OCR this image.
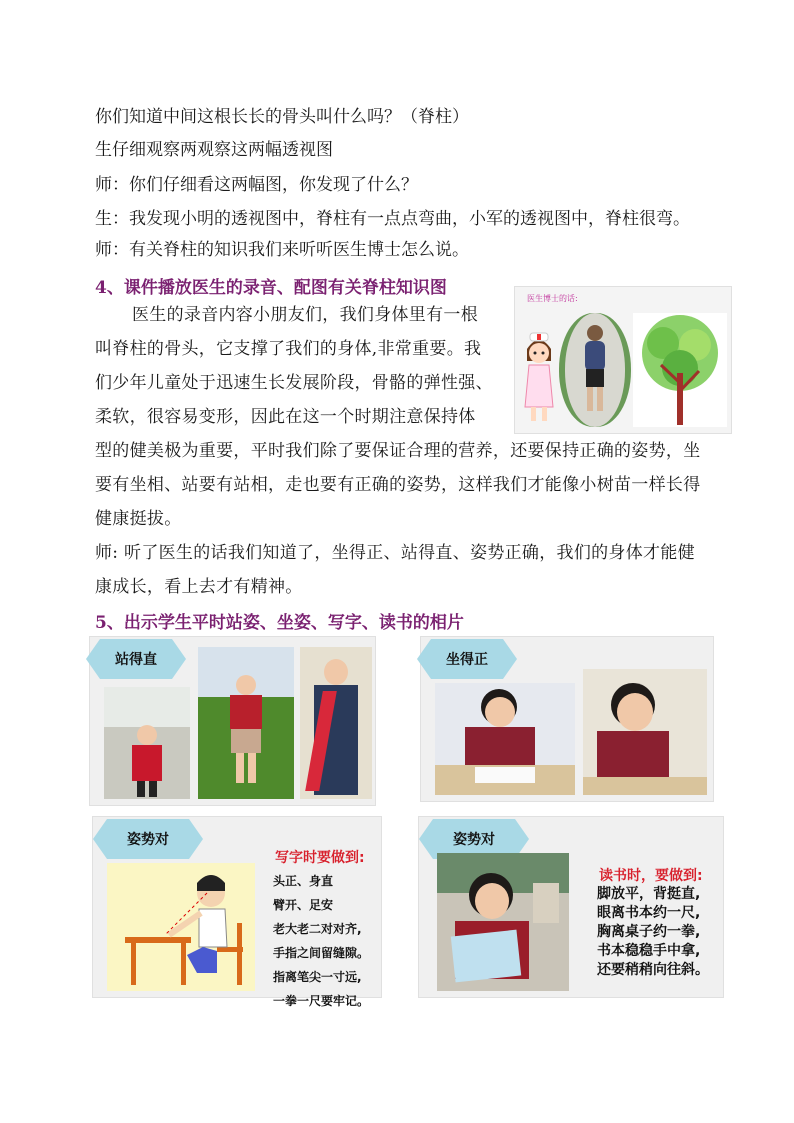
你们知道中间这根长长的骨头叫什么吗？（脊柱）
生仔细观察两观察这两幅透视图
师：你们仔细看这两幅图，你发现了什么？
生：我发现小明的透视图中，脊柱有一点点弯曲，小军的透视图中，脊柱很弯。
师：有关脊柱的知识我们来听听医生博士怎么说。
4、课件播放医生的录音、配图有关脊柱知识图
医生的录音内容小朋友们，我们身体里有一根
叫脊柱的骨头，它支撑了我们的身体,非常重要。我
们少年儿童处于迅速生长发展阶段，骨骼的弹性强、
柔软，很容易变形，因此在这一个时期注意保持体
医生博士的话:
型的健美极为重要，平时我们除了要保证合理的营养，还要保持正确的姿势，坐
要有坐相、站要有站相，走也要有正确的姿势，这样我们才能像小树苗一样长得
健康挺拔。
师: 听了医生的话我们知道了，坐得正、站得直、姿势正确，我们的身体才能健
康成长，看上去才有精神。
5、出示学生平时站姿、坐姿、写字、读书的相片
站得直	坐得正
姿势对
写字时要做到:
头正、身直
臂开、足安
老大老二对对齐,
手指之间留缝隙。
指离笔尖一寸远,
一拳一尺要牢记。
姿势对
读书时，要做到:
脚放平，背挺直,
眼离书本约一尺,
胸离桌子约一拳,
书本稳稳手中拿,
还要稍稍向往斜。
